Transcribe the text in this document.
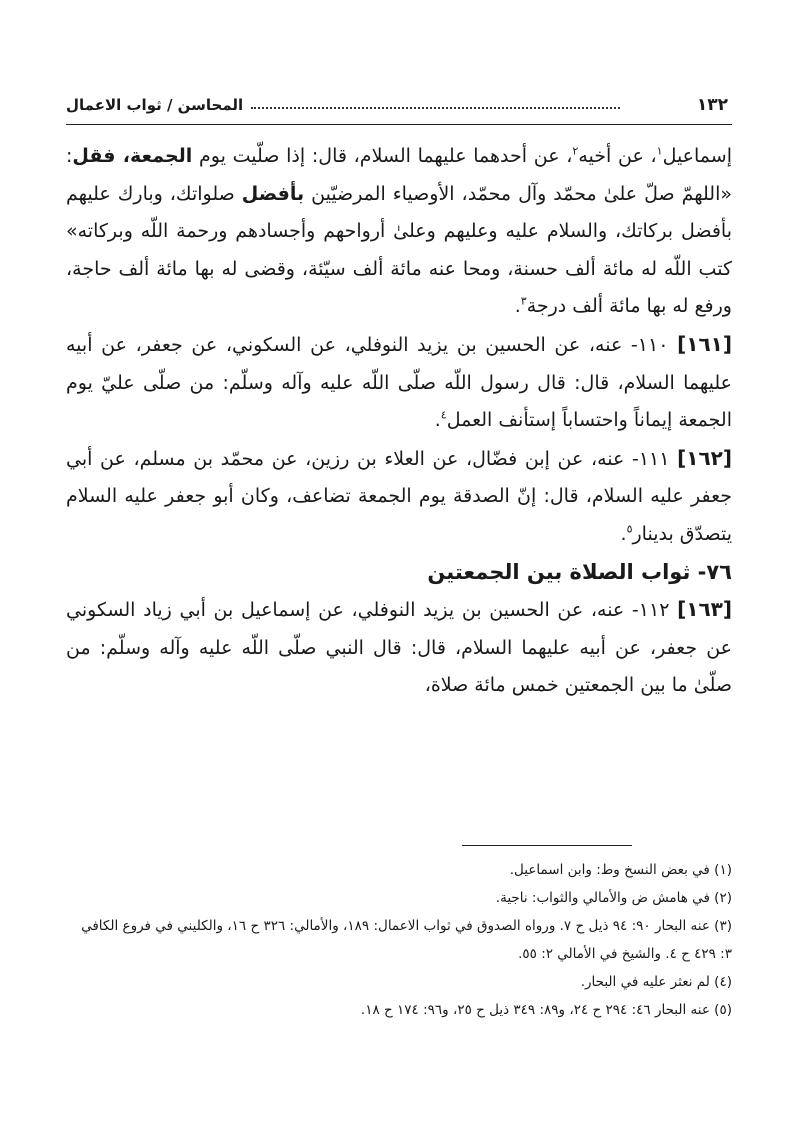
المحاسن / ثواب الاعمال	١٣٢

إسماعيل$^١$، عن أخيه$^٢$، عن أحدهما عليهما السلام، قال: إذا صلّيت يوم الجمعة، فقل: «اللهمّ صلّ علىٰ محمّد وآل محمّد، الأوصياء المرضيّين بأفضل صلواتك، وبارك عليهم بأفضل بركاتك، والسلام عليه وعليهم وعلىٰ أرواحهم وأجسادهم ورحمة اللّه وبركاته» كتب اللّه له مائة ألف حسنة، ومحا عنه مائة ألف سيّئة، وقضى له بها مائة ألف حاجة، ورفع له بها مائة ألف درجة$^٣$.

[١٦١] ١١٠- عنه، عن الحسين بن يزيد النوفلي، عن السكوني، عن جعفر، عن أبيه عليهما السلام، قال: قال رسول اللّه صلّى اللّه عليه وآله وسلّم: من صلّى عليّ يوم الجمعة إيماناً واحتساباً إستأنف العمل$^٤$.

[١٦٢] ١١١- عنه، عن إبن فضّال، عن العلاء بن رزين، عن محمّد بن مسلم، عن أبي جعفر عليه السلام، قال: إنّ الصدقة يوم الجمعة تضاعف، وكان أبو جعفر عليه السلام يتصدّق بدينار$^٥$.

٧٦- ثواب الصلاة بين الجمعتين

[١٦٣] ١١٢- عنه، عن الحسين بن يزيد النوفلي، عن إسماعيل بن أبي زياد السكوني عن جعفر، عن أبيه عليهما السلام، قال: قال النبي صلّى اللّه عليه وآله وسلّم: من صلّىٰ ما بين الجمعتين خمس مائة صلاة،

(١) في بعض النسخ وط: وابن اسماعيل.

(٢) في هامش ض والأمالي والثواب: ناجية.

(٣) عنه البحار ٩٠: ٩٤ ذيل ح ٧. ورواه الصدوق في ثواب الاعمال: ١٨٩، والأمالي: ٣٢٦ ح ١٦، والكليني في فروع الكافي ٣: ٤٢٩ ح ٤. والشيخ في الأمالي ٢: ٥٥.

(٤) لم نعثر عليه في البحار.

(٥) عنه البحار ٤٦: ٢٩٤ ح ٢٤، و٨٩: ٣٤٩ ذيل ح ٢٥، و٩٦: ١٧٤ ح ١٨.
